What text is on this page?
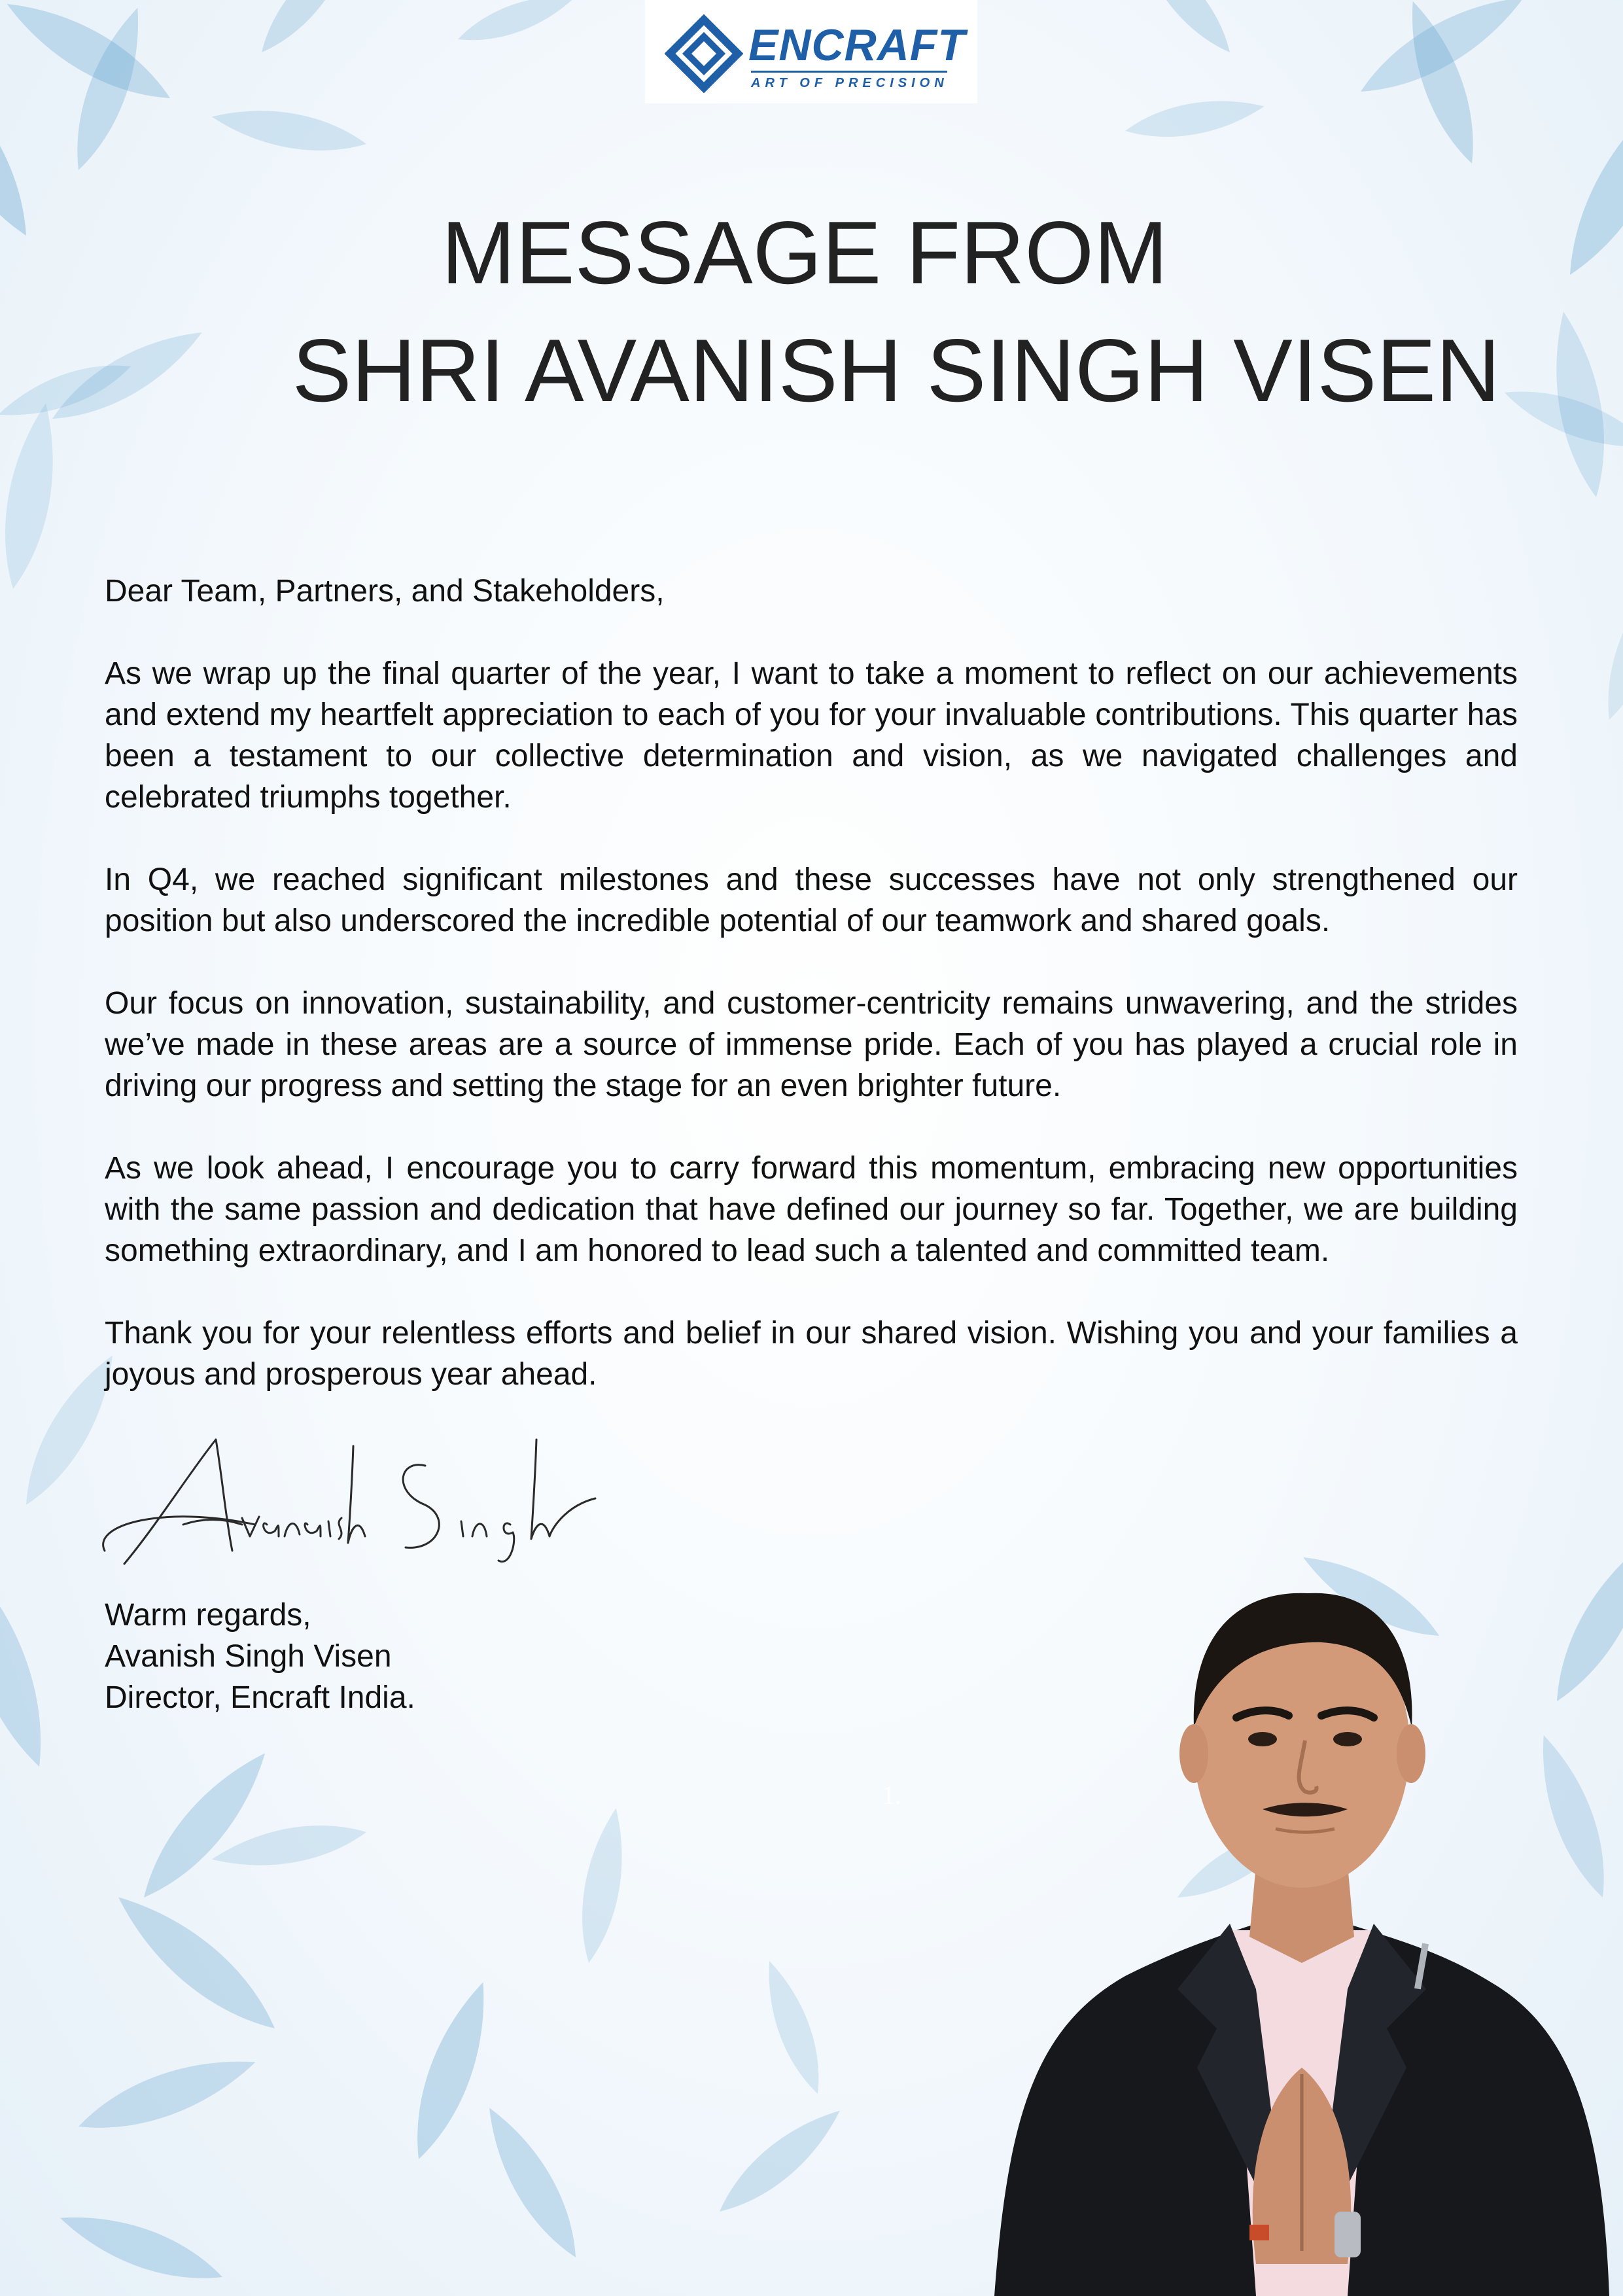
ENCRAFT
ART OF PRECISION
MESSAGE FROM
SHRI AVANISH SINGH VISEN

Dear Team, Partners, and Stakeholders,

As we wrap up the final quarter of the year, I want to take a moment to reflect on our achievements and extend my heartfelt appreciation to each of you for your invaluable contributions. This quarter has been a testament to our collective determination and vision, as we navigated challenges and celebrated triumphs together.

In Q4, we reached significant milestones and these successes have not only strengthened our position but also underscored the incredible potential of our teamwork and shared goals.

Our focus on innovation, sustainability, and customer-centricity remains unwavering, and the strides we’ve made in these areas are a source of immense pride. Each of you has played a crucial role in driving our progress and setting the stage for an even brighter future.

As we look ahead, I encourage you to carry forward this momentum, embracing new opportunities with the same passion and dedication that have defined our journey so far. Together, we are building something extraordinary, and I am honored to lead such a talented and committed team.

Thank you for your relentless efforts and belief in our shared vision. Wishing you and your families a joyous and prosperous year ahead.

Warm regards,
Avanish Singh Visen
Director, Encraft India.
1.
